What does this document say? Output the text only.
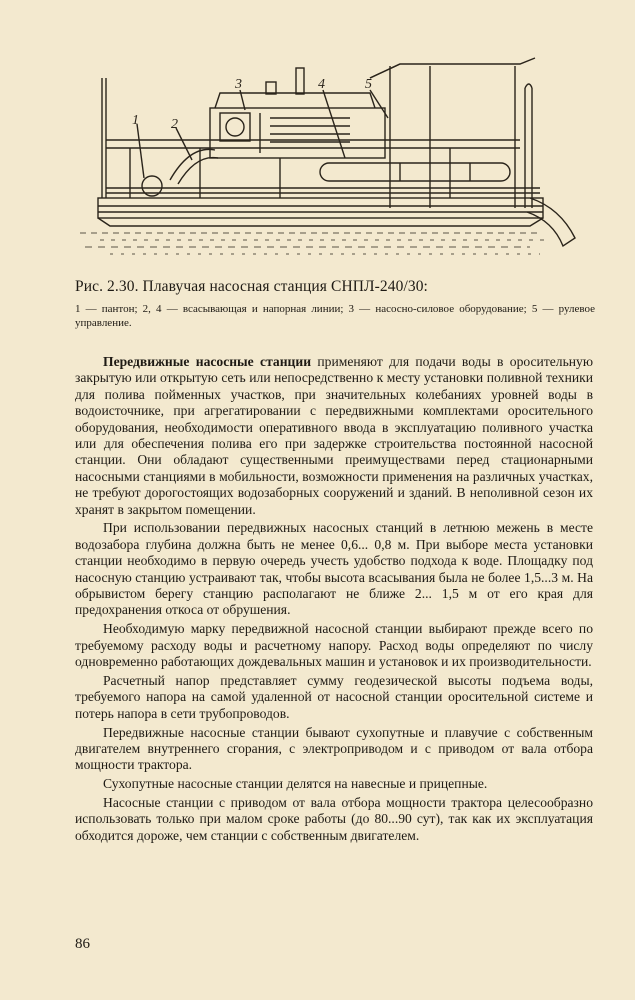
1 2
3	4	5
Рис. 2.30. Плавучая насосная станция СНПЛ-240/30:
1 — пантон; 2, 4 — всасывающая и напорная линии; 3 — насосно-силовое оборудование; 5 — рулевое управление.

Передвижные насосные станции применяют для подачи воды в оросительную закрытую или открытую сеть или непосредственно к месту установки поливной техники для полива пойменных участков, при значительных колебаниях уровней воды в водоисточнике, при агрегатировании с передвижными комплектами оросительного оборудования, необходимости оперативного ввода в эксплуатацию поливного участка или для обеспечения полива его при задержке строительства постоянной насосной станции. Они обладают существенными преимуществами перед стационарными насосными станциями в мобильности, возможности применения на различных участках, не требуют дорогостоящих водозаборных сооружений и зданий. В неполивной сезон их хранят в закрытом помещении.

При использовании передвижных насосных станций в летнюю межень в месте водозабора глубина должна быть не менее 0,6... 0,8 м. При выборе места установки станции необходимо в первую очередь учесть удобство подхода к воде. Площадку под насосную станцию устраивают так, чтобы высота всасывания была не более 1,5...3 м. На обрывистом берегу станцию располагают не ближе 2... 1,5 м от его края для предохранения откоса от обрушения.

Необходимую марку передвижной насосной станции выбирают прежде всего по требуемому расходу воды и расчетному напору. Расход воды определяют по числу одновременно работающих дождевальных машин и установок и их производительности.

Расчетный напор представляет сумму геодезической высоты подъема воды, требуемого напора на самой удаленной от насосной станции оросительной системе и потерь напора в сети трубопроводов.

Передвижные насосные станции бывают сухопутные и плавучие с собственным двигателем внутреннего сгорания, с электроприводом и с приводом от вала отбора мощности трактора.

Сухопутные насосные станции делятся на навесные и прицепные.

Насосные станции с приводом от вала отбора мощности трактора целесообразно использовать только при малом сроке работы (до 80...90 сут), так как их эксплуатация обходится дороже, чем станции с собственным двигателем.

86
